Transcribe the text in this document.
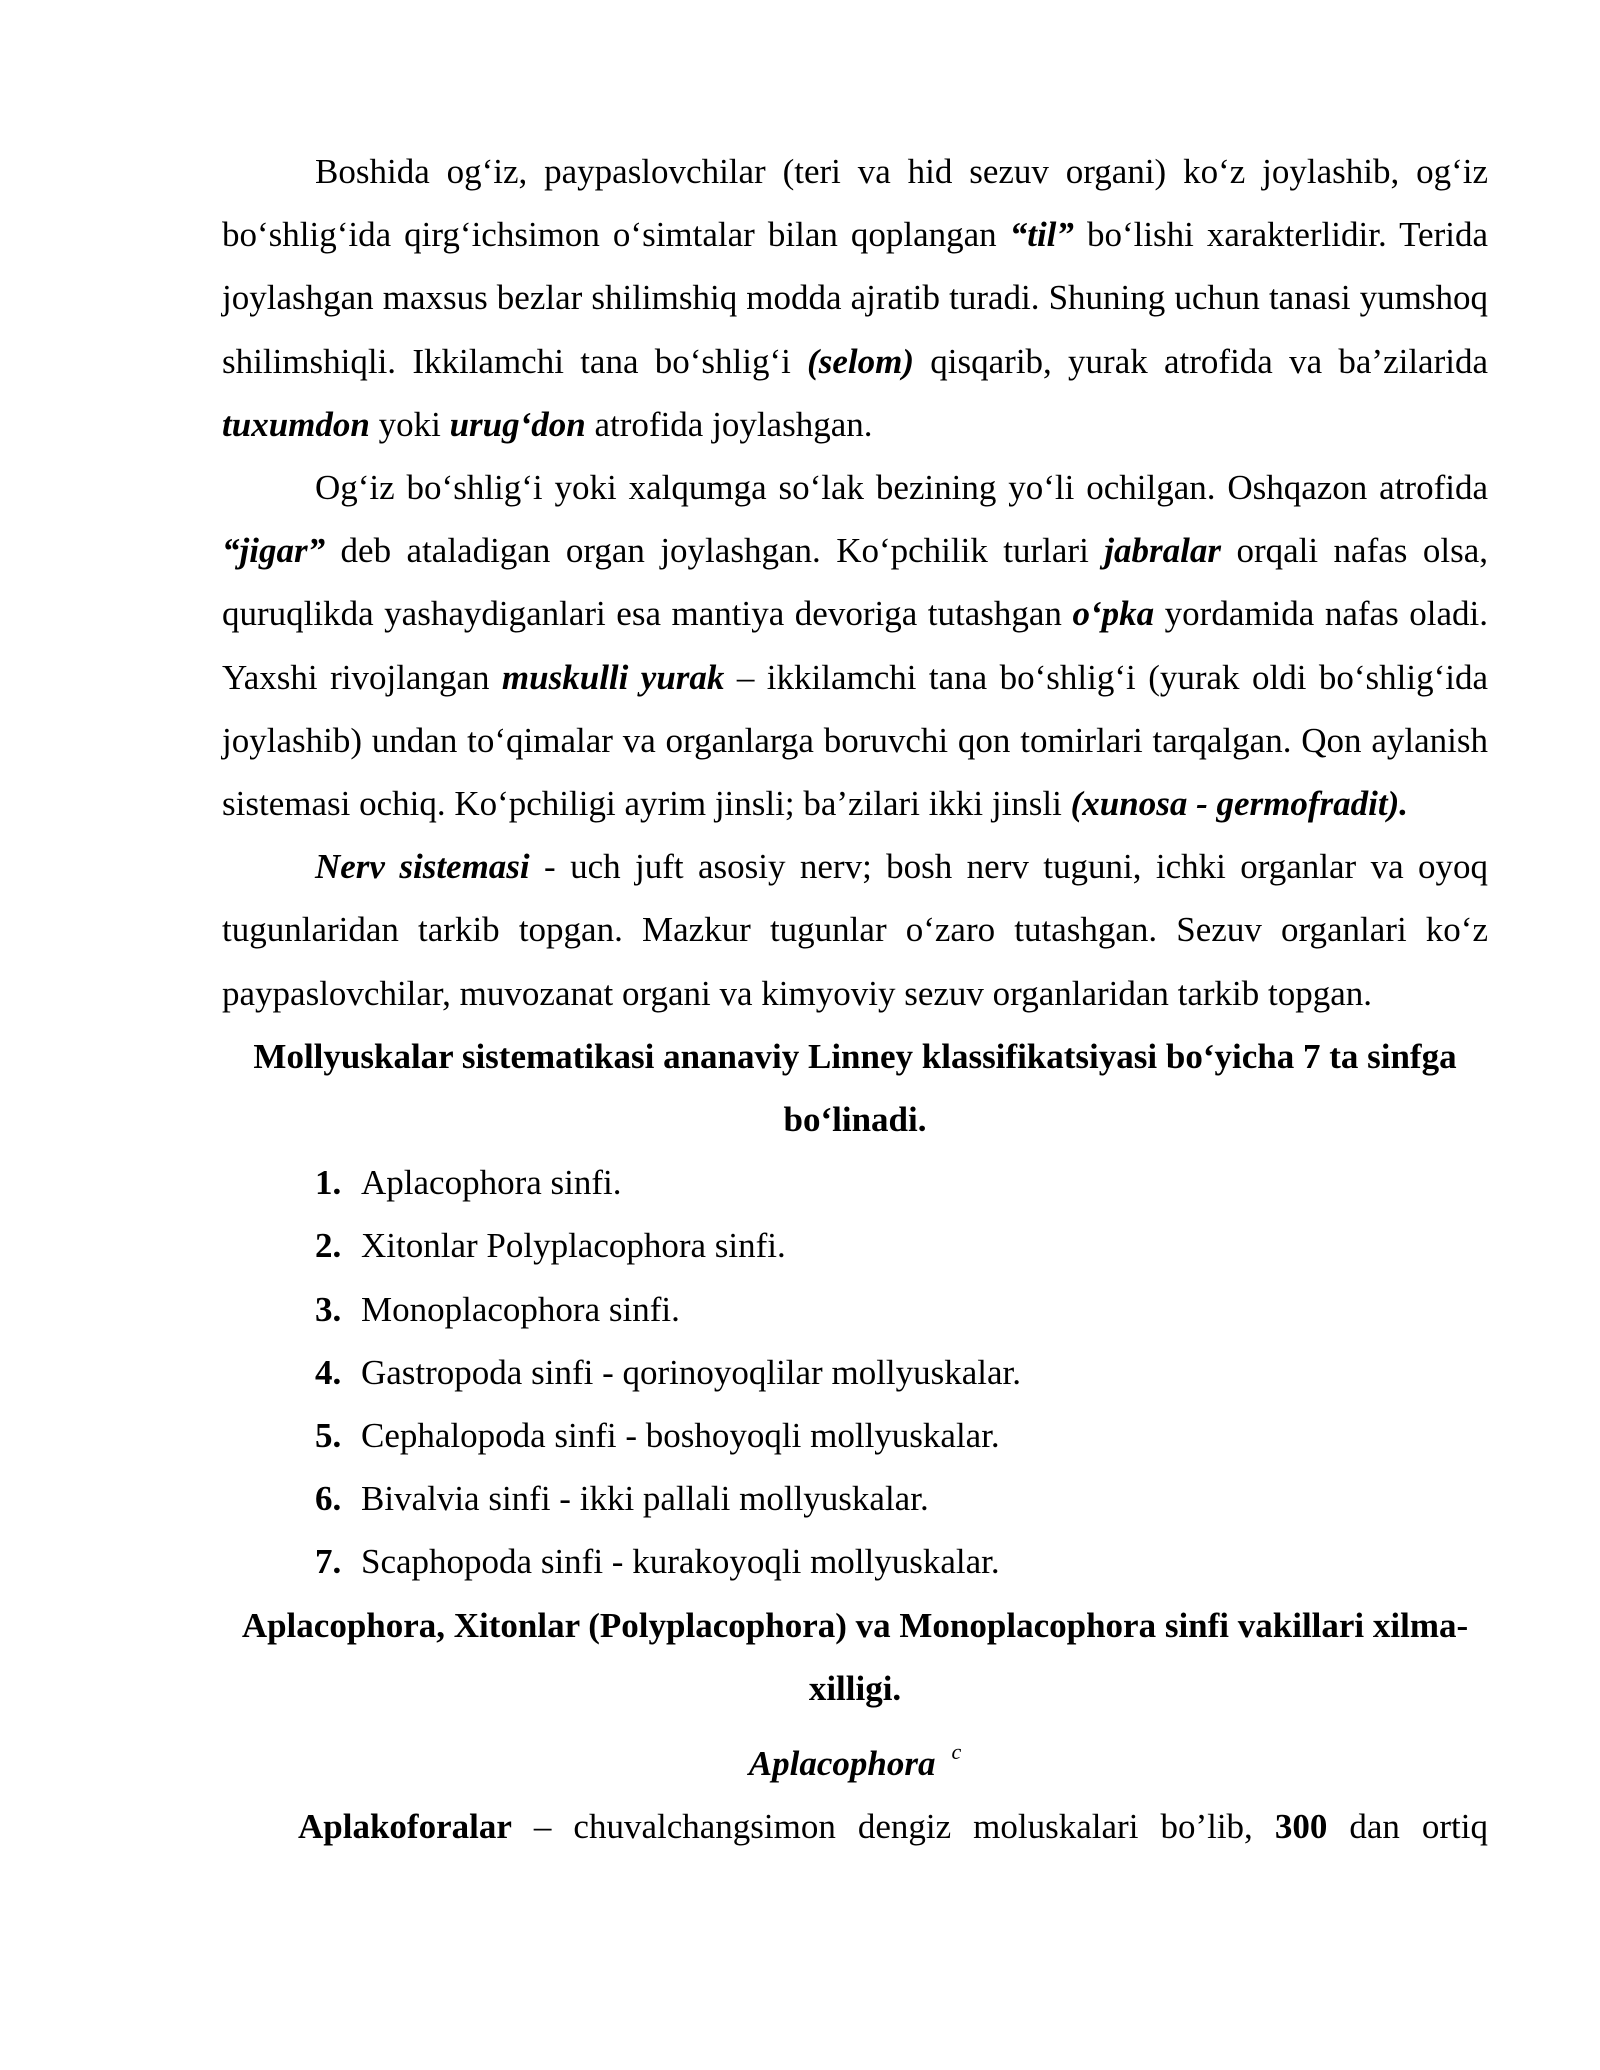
Boshida og‘iz, paypaslovchilar (teri va hid sezuv organi) ko‘z joylashib, og‘iz bo‘shlig‘ida qirg‘ichsimon o‘simtalar bilan qoplangan “til” bo‘lishi xarakterlidir. Terida joylashgan maxsus bezlar shilimshiq modda ajratib turadi. Shuning uchun tanasi yumshoq shilimshiqli. Ikkilamchi tana bo‘shlig‘i (selom) qisqarib, yurak atrofida va ba’zilarida tuxumdon yoki urug‘don atrofida joylashgan.

Og‘iz bo‘shlig‘i yoki xalqumga so‘lak bezining yo‘li ochilgan. Oshqazon atrofida “jigar” deb ataladigan organ joylashgan. Ko‘pchilik turlari jabralar orqali nafas olsa, quruqlikda yashaydiganlari esa mantiya devoriga tutashgan o‘pka yordamida nafas oladi. Yaxshi rivojlangan muskulli yurak – ikkilamchi tana bo‘shlig‘i (yurak oldi bo‘shlig‘ida joylashib) undan to‘qimalar va organlarga boruvchi qon tomirlari tarqalgan. Qon aylanish sistemasi ochiq. Ko‘pchiligi ayrim jinsli; ba’zilari ikki jinsli (xunosa - germofradit).

Nerv sistemasi - uch juft asosiy nerv; bosh nerv tuguni, ichki organlar va oyoq tugunlaridan tarkib topgan. Mazkur tugunlar o‘zaro tutashgan. Sezuv organlari ko‘z paypaslovchilar, muvozanat organi va kimyoviy sezuv organlaridan tarkib topgan.

Mollyuskalar sistematikasi ananaviy Linney klassifikatsiyasi bo‘yicha 7 ta sinfga bo‘linadi.

1. Aplacophora sinfi.
2. Xitonlar Polyplacophora sinfi.
3. Monoplacophora sinfi.
4. Gastropoda sinfi - qorinoyoqlilar mollyuskalar.
5. Cephalopoda sinfi - boshoyoqli mollyuskalar.
6. Bivalvia sinfi - ikki pallali mollyuskalar.
7. Scaphopoda sinfi - kurakoyoqli mollyuskalar.

Aplacophora, Xitonlar (Polyplacophora) va Monoplacophora sinfi vakillari xilma-xilligi.

Aplacophora $^c$

Aplakoforalar – chuvalchangsimon dengiz moluskalari bo’lib, 300 dan ortiq
